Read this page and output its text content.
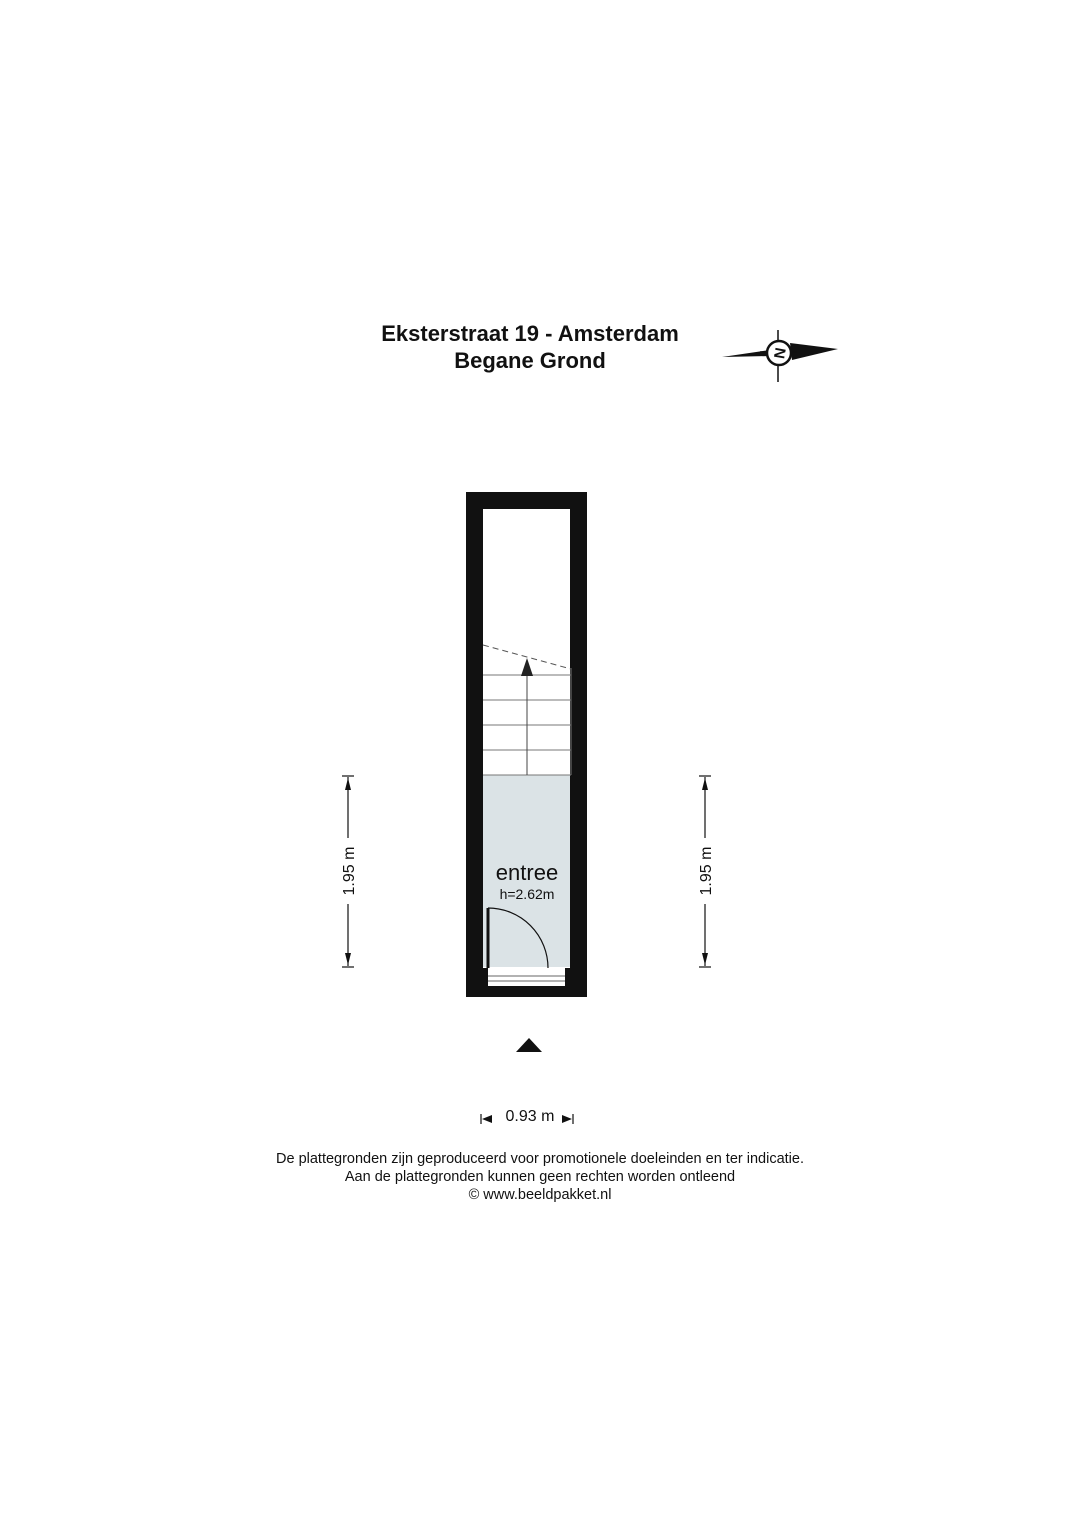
Eksterstraat 19 - Amsterdam
Begane Grond	N
entree
h=2.62m
1.95 m	1.95 m
0.93 m
De plattegronden zijn geproduceerd voor promotionele doeleinden en ter indicatie.
Aan de plattegronden kunnen geen rechten worden ontleend
© www.beeldpakket.nl
